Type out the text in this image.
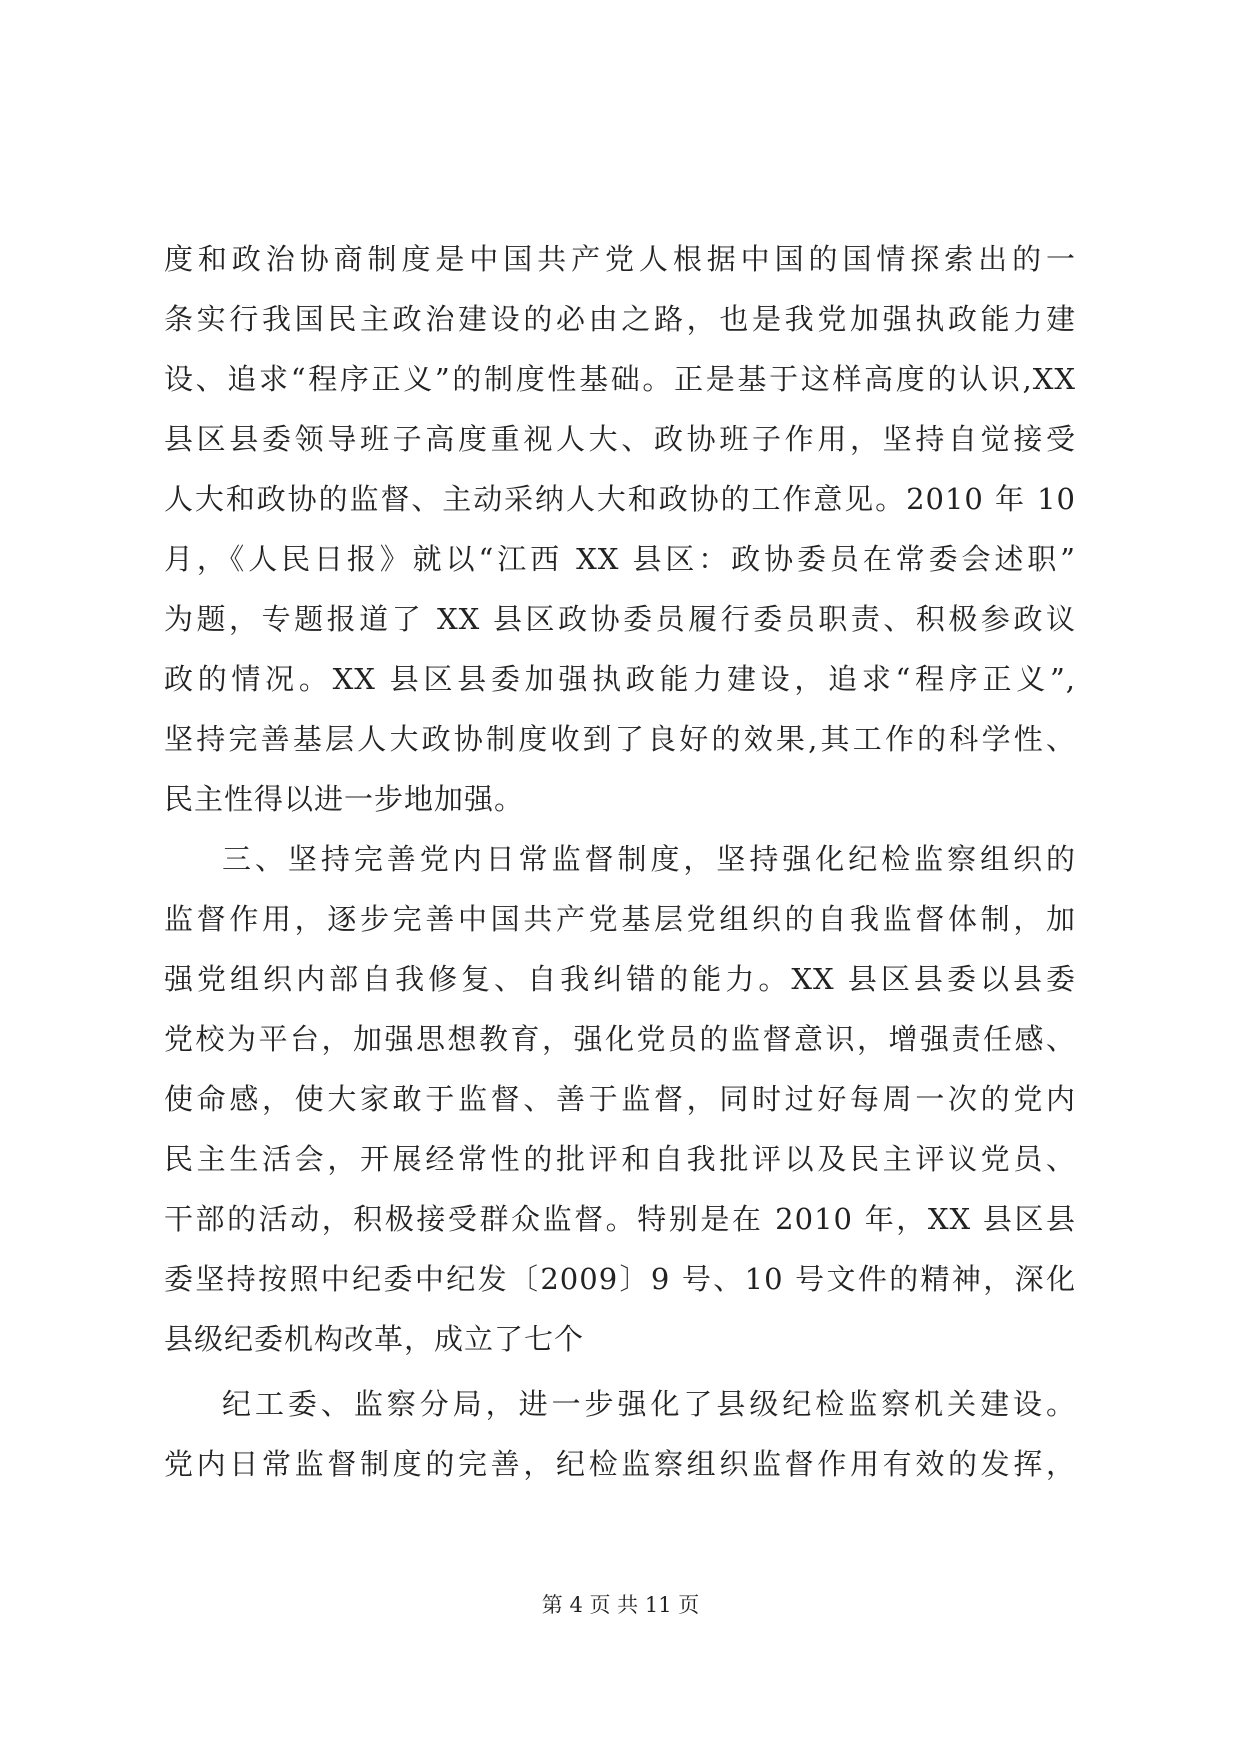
度和政治协商制度是中国共产党人根据中国的国情探索出的一
条实行我国民主政治建设的必由之路，也是我党加强执政能力建
设、追求“程序正义”的制度性基础。正是基于这样高度的认识,XX
县区县委领导班子高度重视人大、政协班子作用，坚持自觉接受
人大和政协的监督、主动采纳人大和政协的工作意见。2010 年 10
月，《人民日报》就以“江西 XX 县区：政协委员在常委会述职”
为题，专题报道了 XX 县区政协委员履行委员职责、积极参政议
政的情况。XX 县区县委加强执政能力建设，追求“程序正义”,
坚持完善基层人大政协制度收到了良好的效果,其工作的科学性、
民主性得以进一步地加强。
三、坚持完善党内日常监督制度，坚持强化纪检监察组织的
监督作用，逐步完善中国共产党基层党组织的自我监督体制，加
强党组织内部自我修复、自我纠错的能力。XX 县区县委以县委
党校为平台，加强思想教育，强化党员的监督意识，增强责任感、
使命感，使大家敢于监督、善于监督，同时过好每周一次的党内
民主生活会，开展经常性的批评和自我批评以及民主评议党员、
干部的活动，积极接受群众监督。特别是在 2010 年，XX 县区县
委坚持按照中纪委中纪发〔2009〕9 号、10 号文件的精神，深化
县级纪委机构改革，成立了七个
纪工委、监察分局，进一步强化了县级纪检监察机关建设。
党内日常监督制度的完善，纪检监察组织监督作用有效的发挥，
第 4 页 共 11 页
